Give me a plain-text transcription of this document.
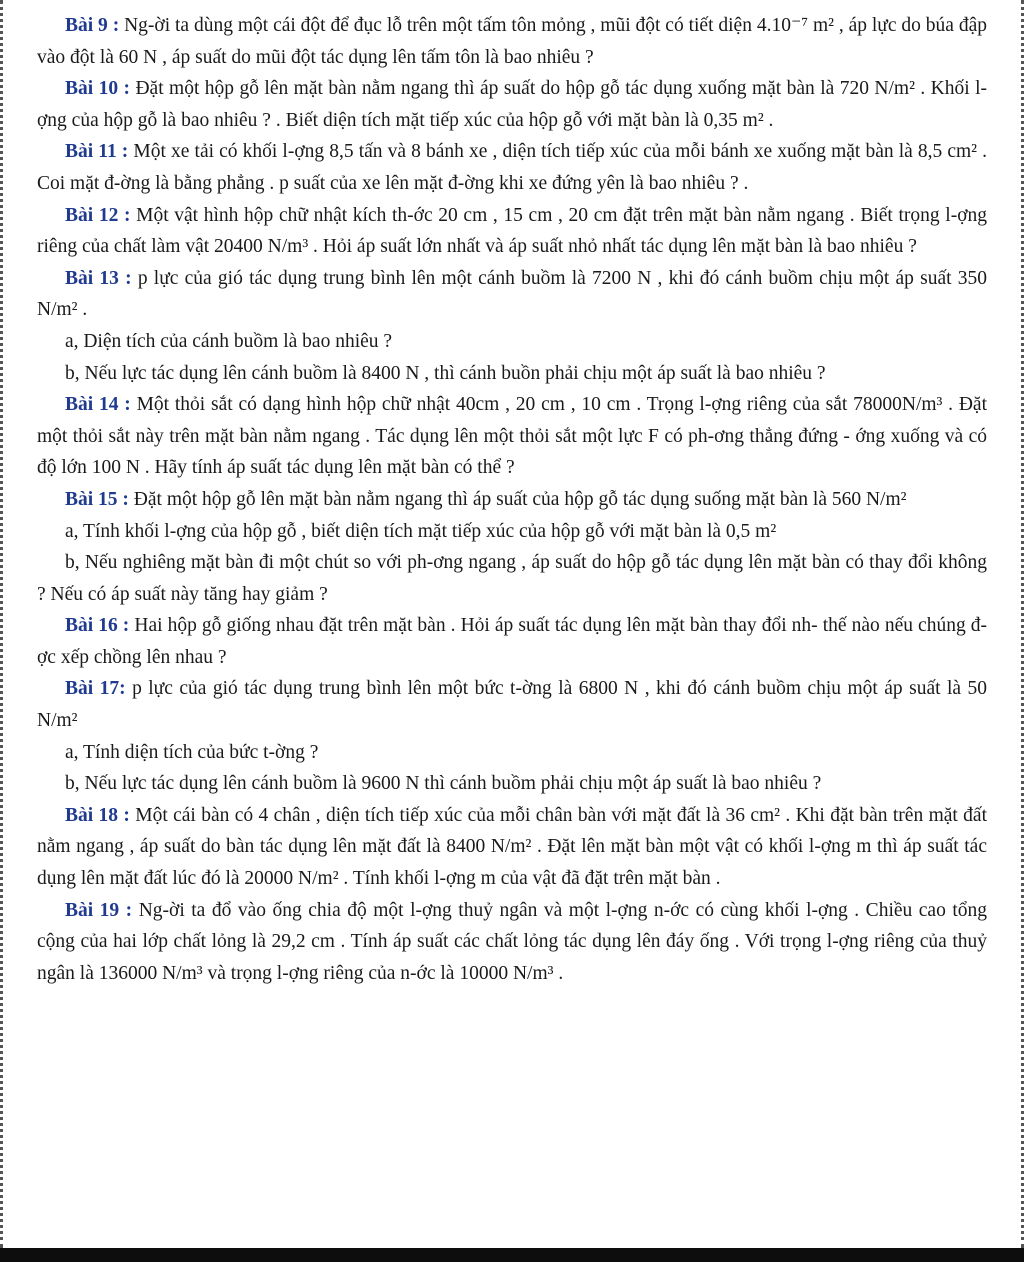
Bài 9 : Ng-ời ta dùng một cái đột để đục lỗ trên một tấm tôn mỏng , mũi đột có tiết diện 4.10⁻⁷ m² , áp lực do búa đập vào đột là 60 N , áp suất do mũi đột tác dụng lên tấm tôn là bao nhiêu ?

Bài 10 : Đặt một hộp gỗ lên mặt bàn nằm ngang thì áp suất do hộp gỗ tác dụng xuống mặt bàn là 720 N/m² . Khối l-ợng của hộp gỗ là bao nhiêu ? . Biết diện tích mặt tiếp xúc của hộp gỗ với mặt bàn là 0,35 m² .

Bài 11 : Một xe tải có khối l-ợng 8,5 tấn và 8 bánh xe , diện tích tiếp xúc của mỗi bánh xe xuống mặt bàn là 8,5 cm² . Coi mặt đ-ờng là bằng phẳng . p suất của xe lên mặt đ-ờng khi xe đứng yên là bao nhiêu ? .

Bài 12 : Một vật hình hộp chữ nhật kích th-ớc 20 cm , 15 cm , 20 cm đặt trên mặt bàn nằm ngang . Biết trọng l-ợng riêng của chất làm vật 20400 N/m³ . Hỏi áp suất lớn nhất và áp suất nhỏ nhất tác dụng lên mặt bàn là bao nhiêu ?

Bài 13 : p lực của gió tác dụng trung bình lên một cánh buồm là 7200 N , khi đó cánh buồm chịu một áp suất 350 N/m² .

a, Diện tích của cánh buồm là bao nhiêu ?

b, Nếu lực tác dụng lên cánh buồm là 8400 N , thì cánh buồn phải chịu một áp suất là bao nhiêu ?

Bài 14 : Một thỏi sắt có dạng hình hộp chữ nhật 40cm , 20 cm , 10 cm . Trọng l-ợng riêng của sắt 78000N/m³ . Đặt một thỏi sắt này trên mặt bàn nằm ngang . Tác dụng lên một thỏi sắt một lực F có ph-ơng thẳng đứng - ớng xuống và có độ lớn 100 N . Hãy tính áp suất tác dụng lên mặt bàn có thể ?

Bài 15 : Đặt một hộp gỗ lên mặt bàn nằm ngang thì áp suất của hộp gỗ tác dụng suống mặt bàn là 560 N/m²

a, Tính khối l-ợng của hộp gỗ , biết diện tích mặt tiếp xúc của hộp gỗ với mặt bàn là 0,5 m²

b, Nếu nghiêng mặt bàn đi một chút so với ph-ơng ngang , áp suất do hộp gỗ tác dụng lên mặt bàn có thay đổi không ? Nếu có áp suất này tăng hay giảm ?

Bài 16 : Hai hộp gỗ giống nhau đặt trên mặt bàn . Hỏi áp suất tác dụng lên mặt bàn thay đổi nh- thế nào nếu chúng đ-ợc xếp chồng lên nhau ?

Bài 17: p lực của gió tác dụng trung bình lên một bức t-ờng là 6800 N , khi đó cánh buồm chịu một áp suất là 50 N/m²

a, Tính diện tích của bức t-ờng ?

b, Nếu lực tác dụng lên cánh buồm là 9600 N thì cánh buồm phải chịu một áp suất là bao nhiêu ?

Bài 18 : Một cái bàn có 4 chân , diện tích tiếp xúc của mỗi chân bàn với mặt đất là 36 cm² . Khi đặt bàn trên mặt đất nằm ngang , áp suất do bàn tác dụng lên mặt đất là 8400 N/m² . Đặt lên mặt bàn một vật có khối l-ợng m thì áp suất tác dụng lên mặt đất lúc đó là 20000 N/m² . Tính khối l-ợng m của vật đã đặt trên mặt bàn .

Bài 19 : Ng-ời ta đổ vào ống chia độ một l-ợng thuỷ ngân và một l-ợng n-ớc có cùng khối l-ợng . Chiều cao tổng cộng của hai lớp chất lỏng là 29,2 cm . Tính áp suất các chất lỏng tác dụng lên đáy ống . Với trọng l-ợng riêng của thuỷ ngân là 136000 N/m³ và trọng l-ợng riêng của n-ớc là 10000 N/m³ .
